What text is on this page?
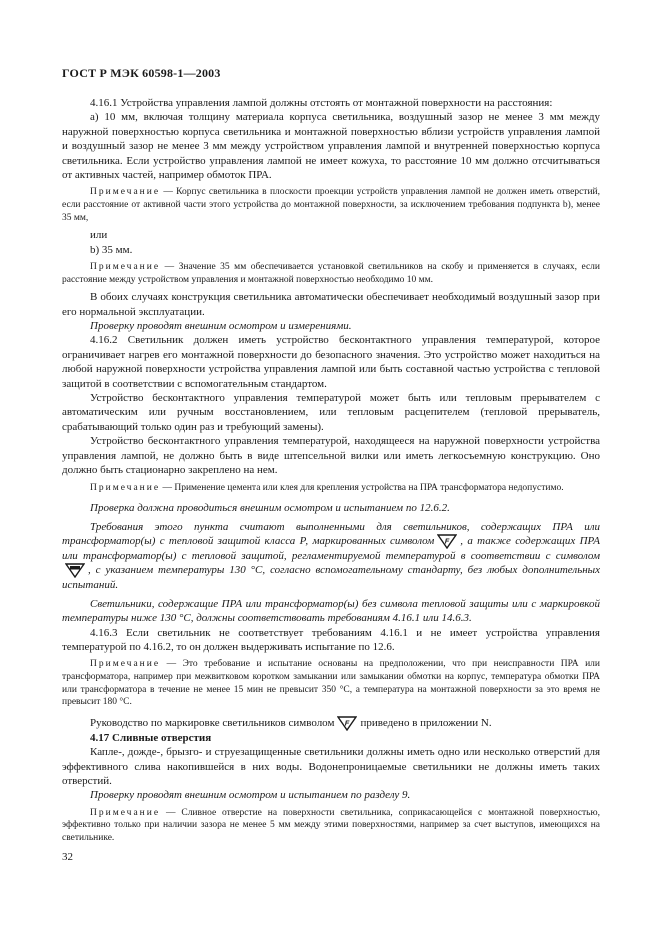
ГОСТ Р МЭК 60598-1—2003

4.16.1 Устройства управления лампой должны отстоять от монтажной поверхности на расстояния:

а) 10 мм, включая толщину материала корпуса светильника, воздушный зазор не менее 3 мм между наружной поверхностью корпуса светильника и монтажной поверхностью вблизи устройств управления лампой и воздушный зазор не менее 3 мм между устройством управления лампой и внутренней поверхностью корпуса светильника. Если устройство управления лампой не имеет кожуха, то расстояние 10 мм должно отсчитываться от активных частей, например обмоток ПРА.

Примечание — Корпус светильника в плоскости проекции устройств управления лампой не должен иметь отверстий, если расстояние от активной части этого устройства до монтажной поверхности, за исключением требования подпункта b), менее 35 мм,

или

b) 35 мм.

Примечание — Значение 35 мм обеспечивается установкой светильников на скобу и применяется в случаях, если расстояние между устройством управления и монтажной поверхностью необходимо 10 мм.

В обоих случаях конструкция светильника автоматически обеспечивает необходимый воздушный зазор при его нормальной эксплуатации.

Проверку проводят внешним осмотром и измерениями.

4.16.2 Светильник должен иметь устройство бесконтактного управления температурой, которое ограничивает нагрев его монтажной поверхности до безопасного значения. Это устройство может находиться на любой наружной поверхности устройства управления лампой или быть составной частью устройства с тепловой защитой в соответствии с вспомогательным стандартом.

Устройство бесконтактного управления температурой может быть или тепловым прерывателем с автоматическим или ручным восстановлением, или тепловым расцепителем (тепловой прерыватель, срабатывающий только один раз и требующий замены).

Устройство бесконтактного управления температурой, находящееся на наружной поверхности устройства управления лампой, не должно быть в виде штепсельной вилки или иметь легкосъемную конструкцию. Оно должно быть стационарно закреплено на нем.

Примечание — Применение цемента или клея для крепления устройства на ПРА трансформатора недопустимо.

Проверка должна проводиться внешним осмотром и испытанием по 12.6.2.

Требования этого пункта считают выполненными для светильников, содержащих ПРА или трансформатор(ы) с тепловой защитой класса Р, маркированных символом F , а также содержащих ПРА или трансформатор(ы) с тепловой защитой, регламентируемой температурой в соответствии с символом
, с указанием температуры 130 °С, согласно вспомогательному стандарту, без любых дополнительных испытаний.

Светильники, содержащие ПРА или трансформатор(ы) без символа тепловой защиты или с маркировкой температуры ниже 130 °С, должны соответствовать требованиям 4.16.1 или 14.6.3.

4.16.3 Если светильник не соответствует требованиям 4.16.1 и не имеет устройства управления температурой по 4.16.2, то он должен выдерживать испытание по 12.6.

Примечание — Это требование и испытание основаны на предположении, что при неисправности ПРА или трансформатора, например при межвитковом коротком замыкании или замыкании обмотки на корпус, температура обмотки ПРА или трансформатора в течение не менее 15 мин не превысит 350 °С, а температура на монтажной поверхности за это время не превысит 180 °С.

Руководство по маркировке светильников символом F приведено в приложении N.

4.17 Сливные отверстия

Капле-, дожде-, брызго- и струезащищенные светильники должны иметь одно или несколько отверстий для эффективного слива накопившейся в них воды. Водонепроницаемые светильники не должны иметь таких отверстий.

Проверку проводят внешним осмотром и испытанием по разделу 9.

Примечание — Сливное отверстие на поверхности светильника, соприкасающейся с монтажной поверхностью, эффективно только при наличии зазора не менее 5 мм между этими поверхностями, например за счет выступов, имеющихся на светильнике.

32
